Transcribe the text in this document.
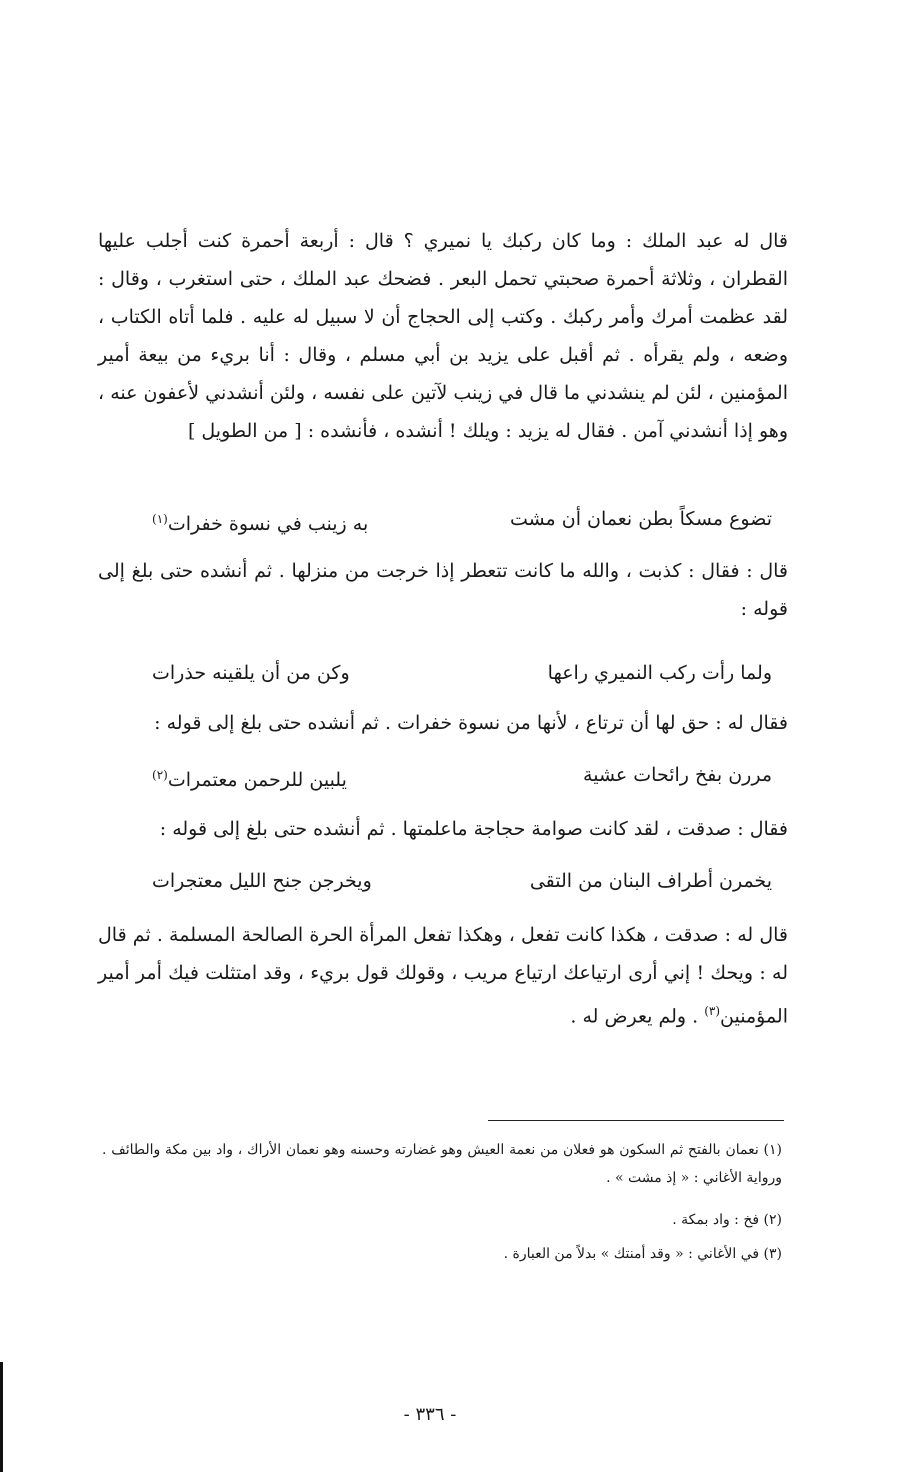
قال له عبد الملك : وما كان ركبك يا نميري ؟ قال : أربعة أحمرة كنت أجلب عليها القطران ، وثلاثة أحمرة صحبتي تحمل البعر . فضحك عبد الملك ، حتى استغرب ، وقال : لقد عظمت أمرك وأمر ركبك . وكتب إلى الحجاج أن لا سبيل له عليه . فلما أتاه الكتاب ، وضعه ، ولم يقرأه . ثم أقبل على يزيد بن أبي مسلم ، وقال : أنا بريء من بيعة أمير المؤمنين ، لئن لم ينشدني ما قال في زينب لآتين على نفسه ، ولئن أنشدني لأعفون عنه ، وهو إذا أنشدني آمن . فقال له يزيد : ويلك ! أنشده ، فأنشده : [ من الطويل ]
تضوع مسكاً بطن نعمان أن مشت
به زينب في نسوة خفرات$^{(١)}$
قال : فقال : كذبت ، والله ما كانت تتعطر إذا خرجت من منزلها . ثم أنشده حتى بلغ إلى قوله :
ولما رأت ركب النميري راعها
وكن من أن يلقينه حذرات
فقال له : حق لها أن ترتاع ، لأنها من نسوة خفرات . ثم أنشده حتى بلغ إلى قوله :
مررن بفخ رائحات عشية
يلبين للرحمن معتمرات$^{(٢)}$
فقال : صدقت ، لقد كانت صوامة حجاجة ماعلمتها . ثم أنشده حتى بلغ إلى قوله :
يخمرن أطراف البنان من التقى
ويخرجن جنح الليل معتجرات
قال له : صدقت ، هكذا كانت تفعل ، وهكذا تفعل المرأة الحرة الصالحة المسلمة . ثم قال له : ويحك ! إني أرى ارتياعك ارتياع مريب ، وقولك قول بريء ، وقد امتثلت فيك أمر أمير المؤمنين$^{(٣)}$ . ولم يعرض له .
(١) نعمان بالفتح ثم السكون هو فعلان من نعمة العيش وهو غضارته وحسنه وهو نعمان الأراك ، واد بين مكة والطائف . ورواية الأغاني : « إذ مشت » .
(٢) فخ : واد بمكة .
(٣) في الأغاني : « وقد أمنتك » بدلاً من العبارة .
- ٣٣٦ -
